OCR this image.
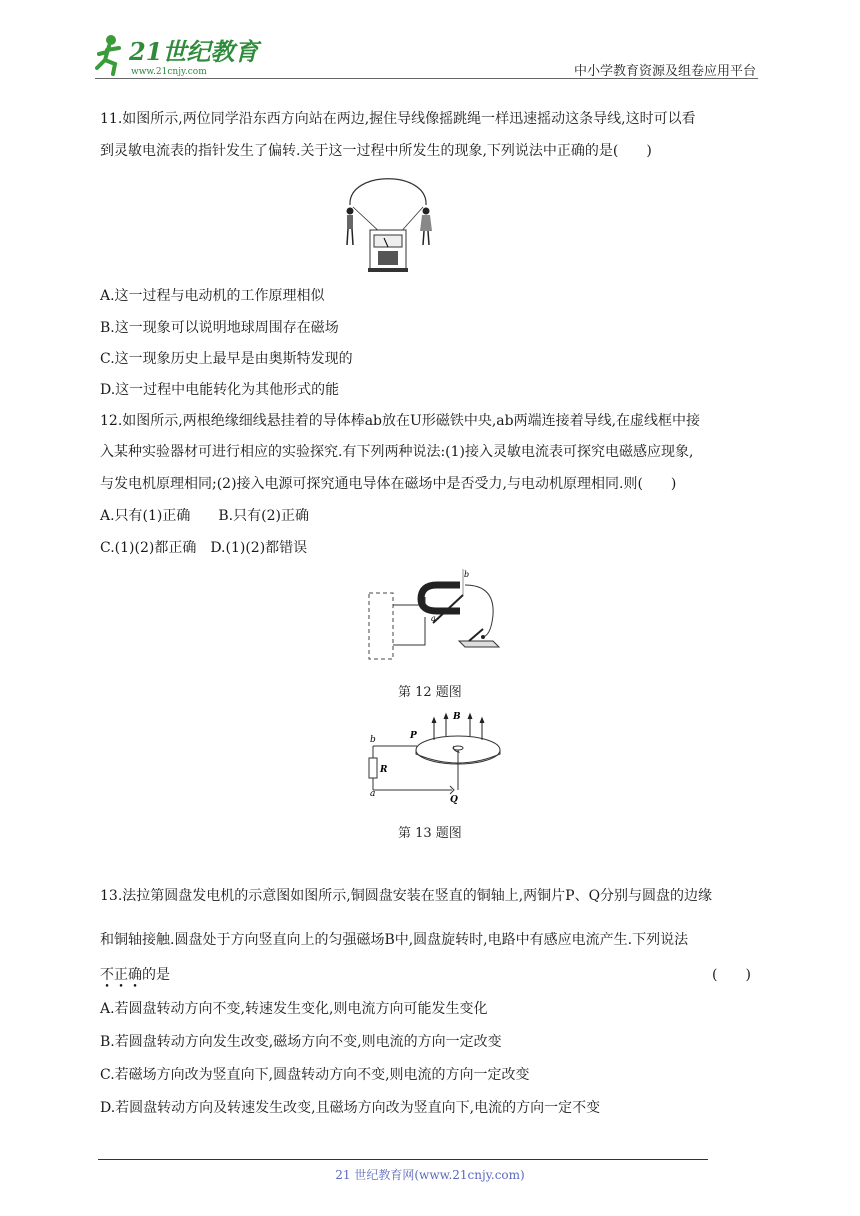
21世纪教育
www.21cnjy.com	中小学教育资源及组卷应用平台
11.如图所示,两位同学沿东西方向站在两边,握住导线像摇跳绳一样迅速摇动这条导线,这时可以看
到灵敏电流表的指针发生了偏转.关于这一过程中所发生的现象,下列说法中正确的是(　　)
A.这一过程与电动机的工作原理相似
B.这一现象可以说明地球周围存在磁场
C.这一现象历史上最早是由奥斯特发现的
D.这一过程中电能转化为其他形式的能
12.如图所示,两根绝缘细线悬挂着的导体棒ab放在U形磁铁中央,ab两端连接着导线,在虚线框中接
入某种实验器材可进行相应的实验探究.有下列两种说法:(1)接入灵敏电流表可探究电磁感应现象,
与发电机原理相同;(2)接入电源可探究通电导体在磁场中是否受力,与电动机原理相同.则(　　)
A.只有(1)正确　　B.只有(2)正确
C.(1)(2)都正确　D.(1)(2)都错误
b
a
第 12 题图
b
a
P
Q
R
B
第 13 题图
13.法拉第圆盘发电机的示意图如图所示,铜圆盘安装在竖直的铜轴上,两铜片P、Q分别与圆盘的边缘
和铜轴接触.圆盘处于方向竖直向上的匀强磁场B中,圆盘旋转时,电路中有感应电流产生.下列说法
不正确的是	(　　)
A.若圆盘转动方向不变,转速发生变化,则电流方向可能发生变化
B.若圆盘转动方向发生改变,磁场方向不变,则电流的方向一定改变
C.若磁场方向改为竖直向下,圆盘转动方向不变,则电流的方向一定改变
D.若圆盘转动方向及转速发生改变,且磁场方向改为竖直向下,电流的方向一定不变
21 世纪教育网(www.21cnjy.com)
